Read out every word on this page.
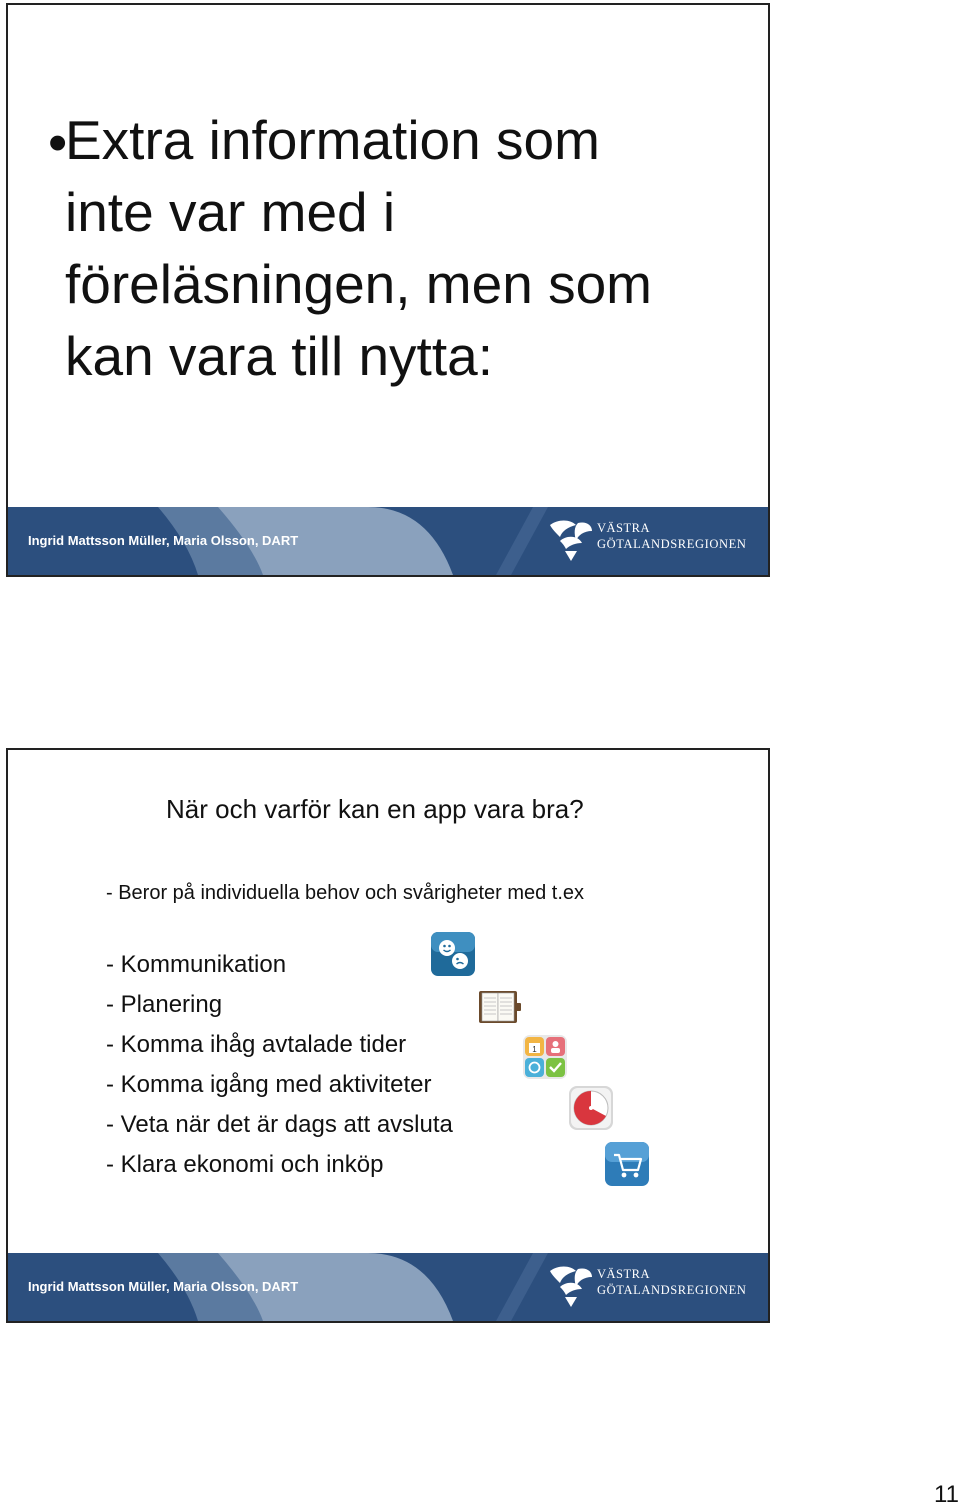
•
Extra information som
inte var med i
föreläsningen, men som
kan vara till nytta:
Ingrid Mattsson Müller, Maria Olsson, DART
VÄSTRA
GÖTALANDSREGIONEN
När och varför kan en app vara bra?
- Beror på individuella behov och svårigheter med t.ex
- Kommunikation
- Planering
- Komma ihåg avtalade tider
- Komma igång med aktiviteter
- Veta när det är dags att avsluta
- Klara ekonomi och inköp
1
Ingrid Mattsson Müller, Maria Olsson, DART
VÄSTRA
GÖTALANDSREGIONEN
11
